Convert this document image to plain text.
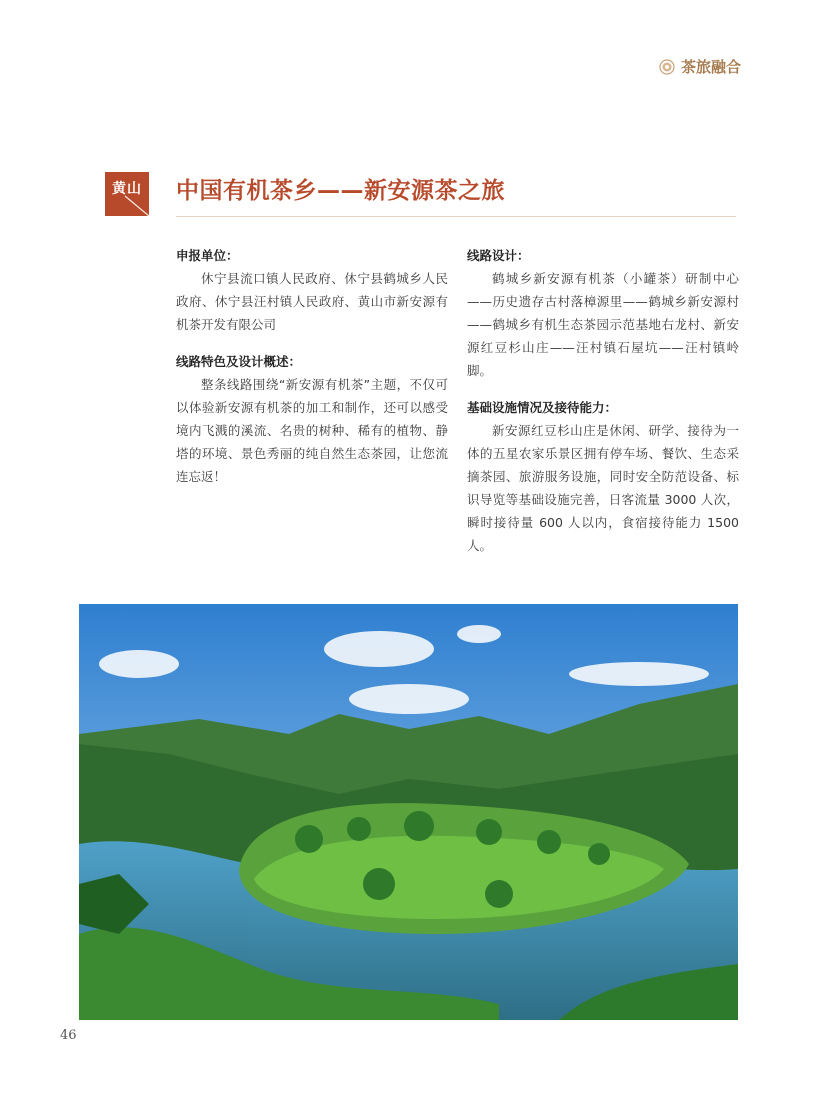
茶旅融合
黄山 中国有机茶乡——新安源茶之旅

申报单位：

休宁县流口镇人民政府、休宁县鹤城乡人民政府、休宁县汪村镇人民政府、黄山市新安源有机茶开发有限公司

线路特色及设计概述：

整条线路围绕“新安源有机茶”主题，不仅可以体验新安源有机茶的加工和制作，还可以感受境内飞溅的溪流、名贵的树种、稀有的植物、静塔的环境、景色秀丽的纯自然生态茶园，让您流连忘返！

线路设计：

鹤城乡新安源有机茶（小罐茶）研制中心——历史遗存古村落樟源里——鹤城乡新安源村——鹤城乡有机生态茶园示范基地右龙村、新安源红豆杉山庄——汪村镇石屋坑——汪村镇岭脚。

基础设施情况及接待能力：

新安源红豆杉山庄是休闲、研学、接待为一体的五星农家乐景区拥有停车场、餐饮、生态采摘茶园、旅游服务设施，同时安全防范设备、标识导览等基础设施完善，日客流量 3000 人次，瞬时接待量 600 人以内，食宿接待能力 1500 人。

46
